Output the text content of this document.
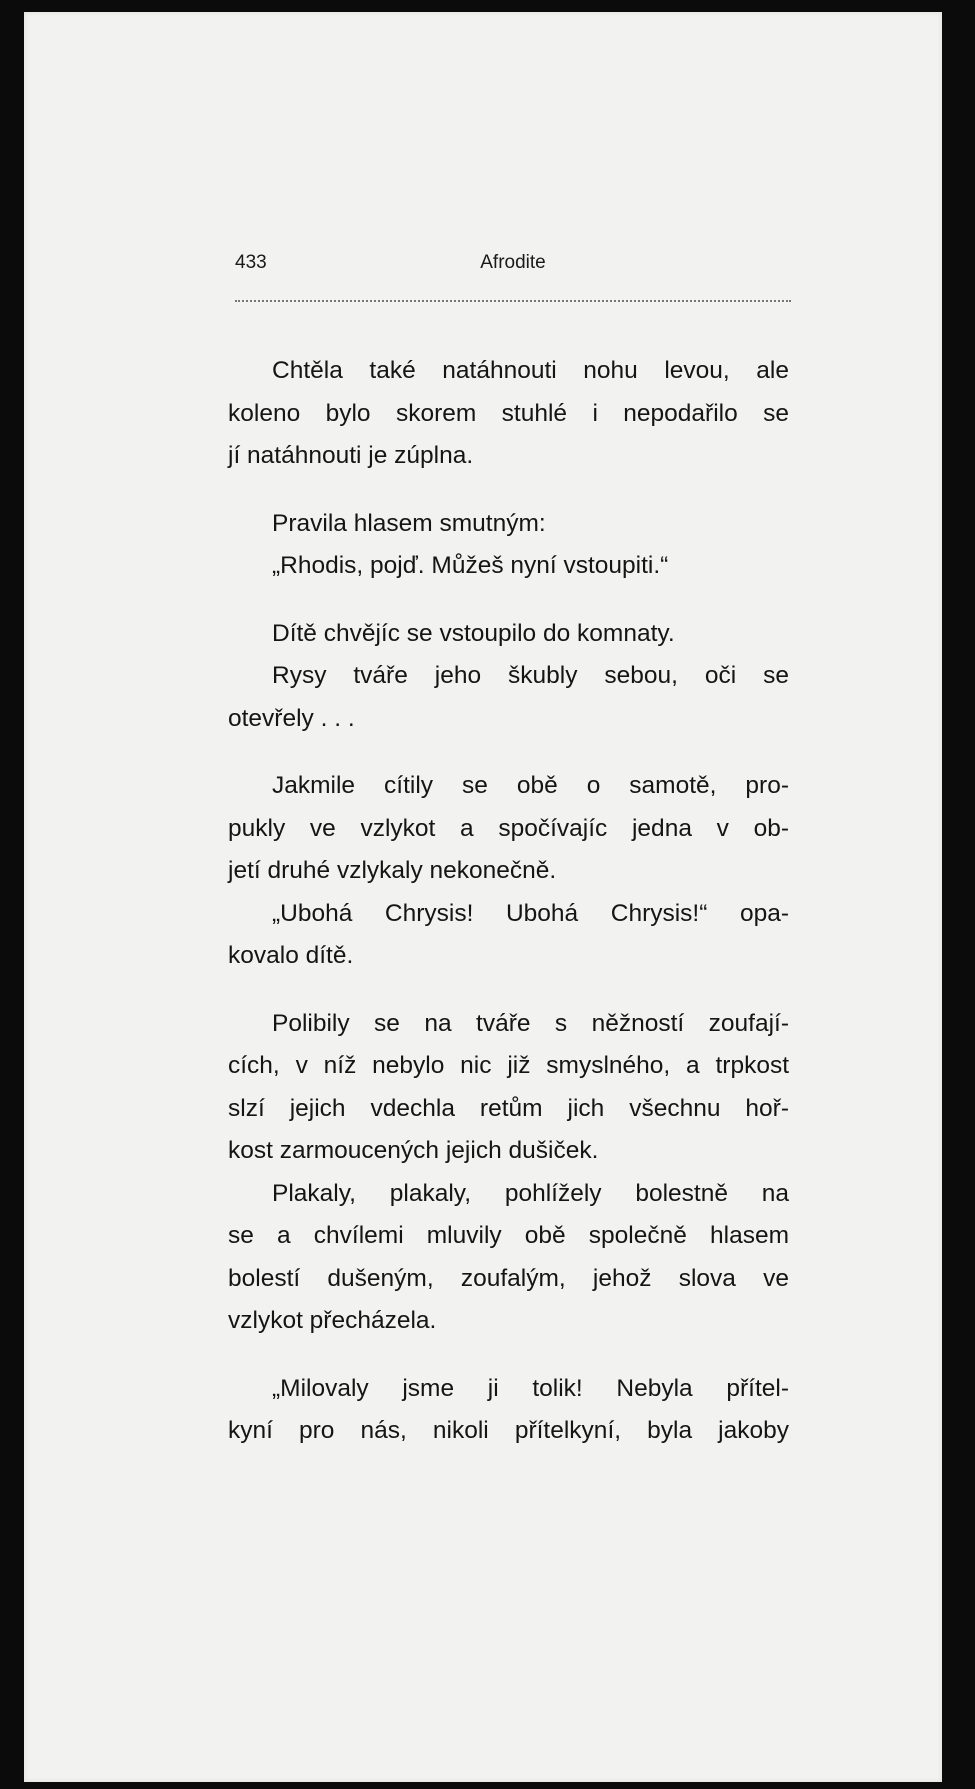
433	Afrodite
Chtěla také natáhnouti nohu levou, ale
koleno bylo skorem stuhlé i nepodařilo se
jí natáhnouti je zúplna.
Pravila hlasem smutným:
„Rhodis, pojď. Můžeš nyní vstoupiti.“
Dítě chvějíc se vstoupilo do komnaty.
Rysy tváře jeho škubly sebou, oči se
otevřely . . .
Jakmile cítily se obě o samotě, pro-
pukly ve vzlykot a spočívajíc jedna v ob-
jetí druhé vzlykaly nekonečně.
„Ubohá Chrysis! Ubohá Chrysis!“ opa-
kovalo dítě.
Polibily se na tváře s něžností zoufají-
cích, v níž nebylo nic již smyslného, a trpkost
slzí jejich vdechla retům jich všechnu hoř-
kost zarmoucených jejich dušiček.
Plakaly, plakaly, pohlížely bolestně na
se a chvílemi mluvily obě společně hlasem
bolestí dušeným, zoufalým, jehož slova ve
vzlykot přecházela.
„Milovaly jsme ji tolik! Nebyla přítel-
kyní pro nás, nikoli přítelkyní, byla jakoby
